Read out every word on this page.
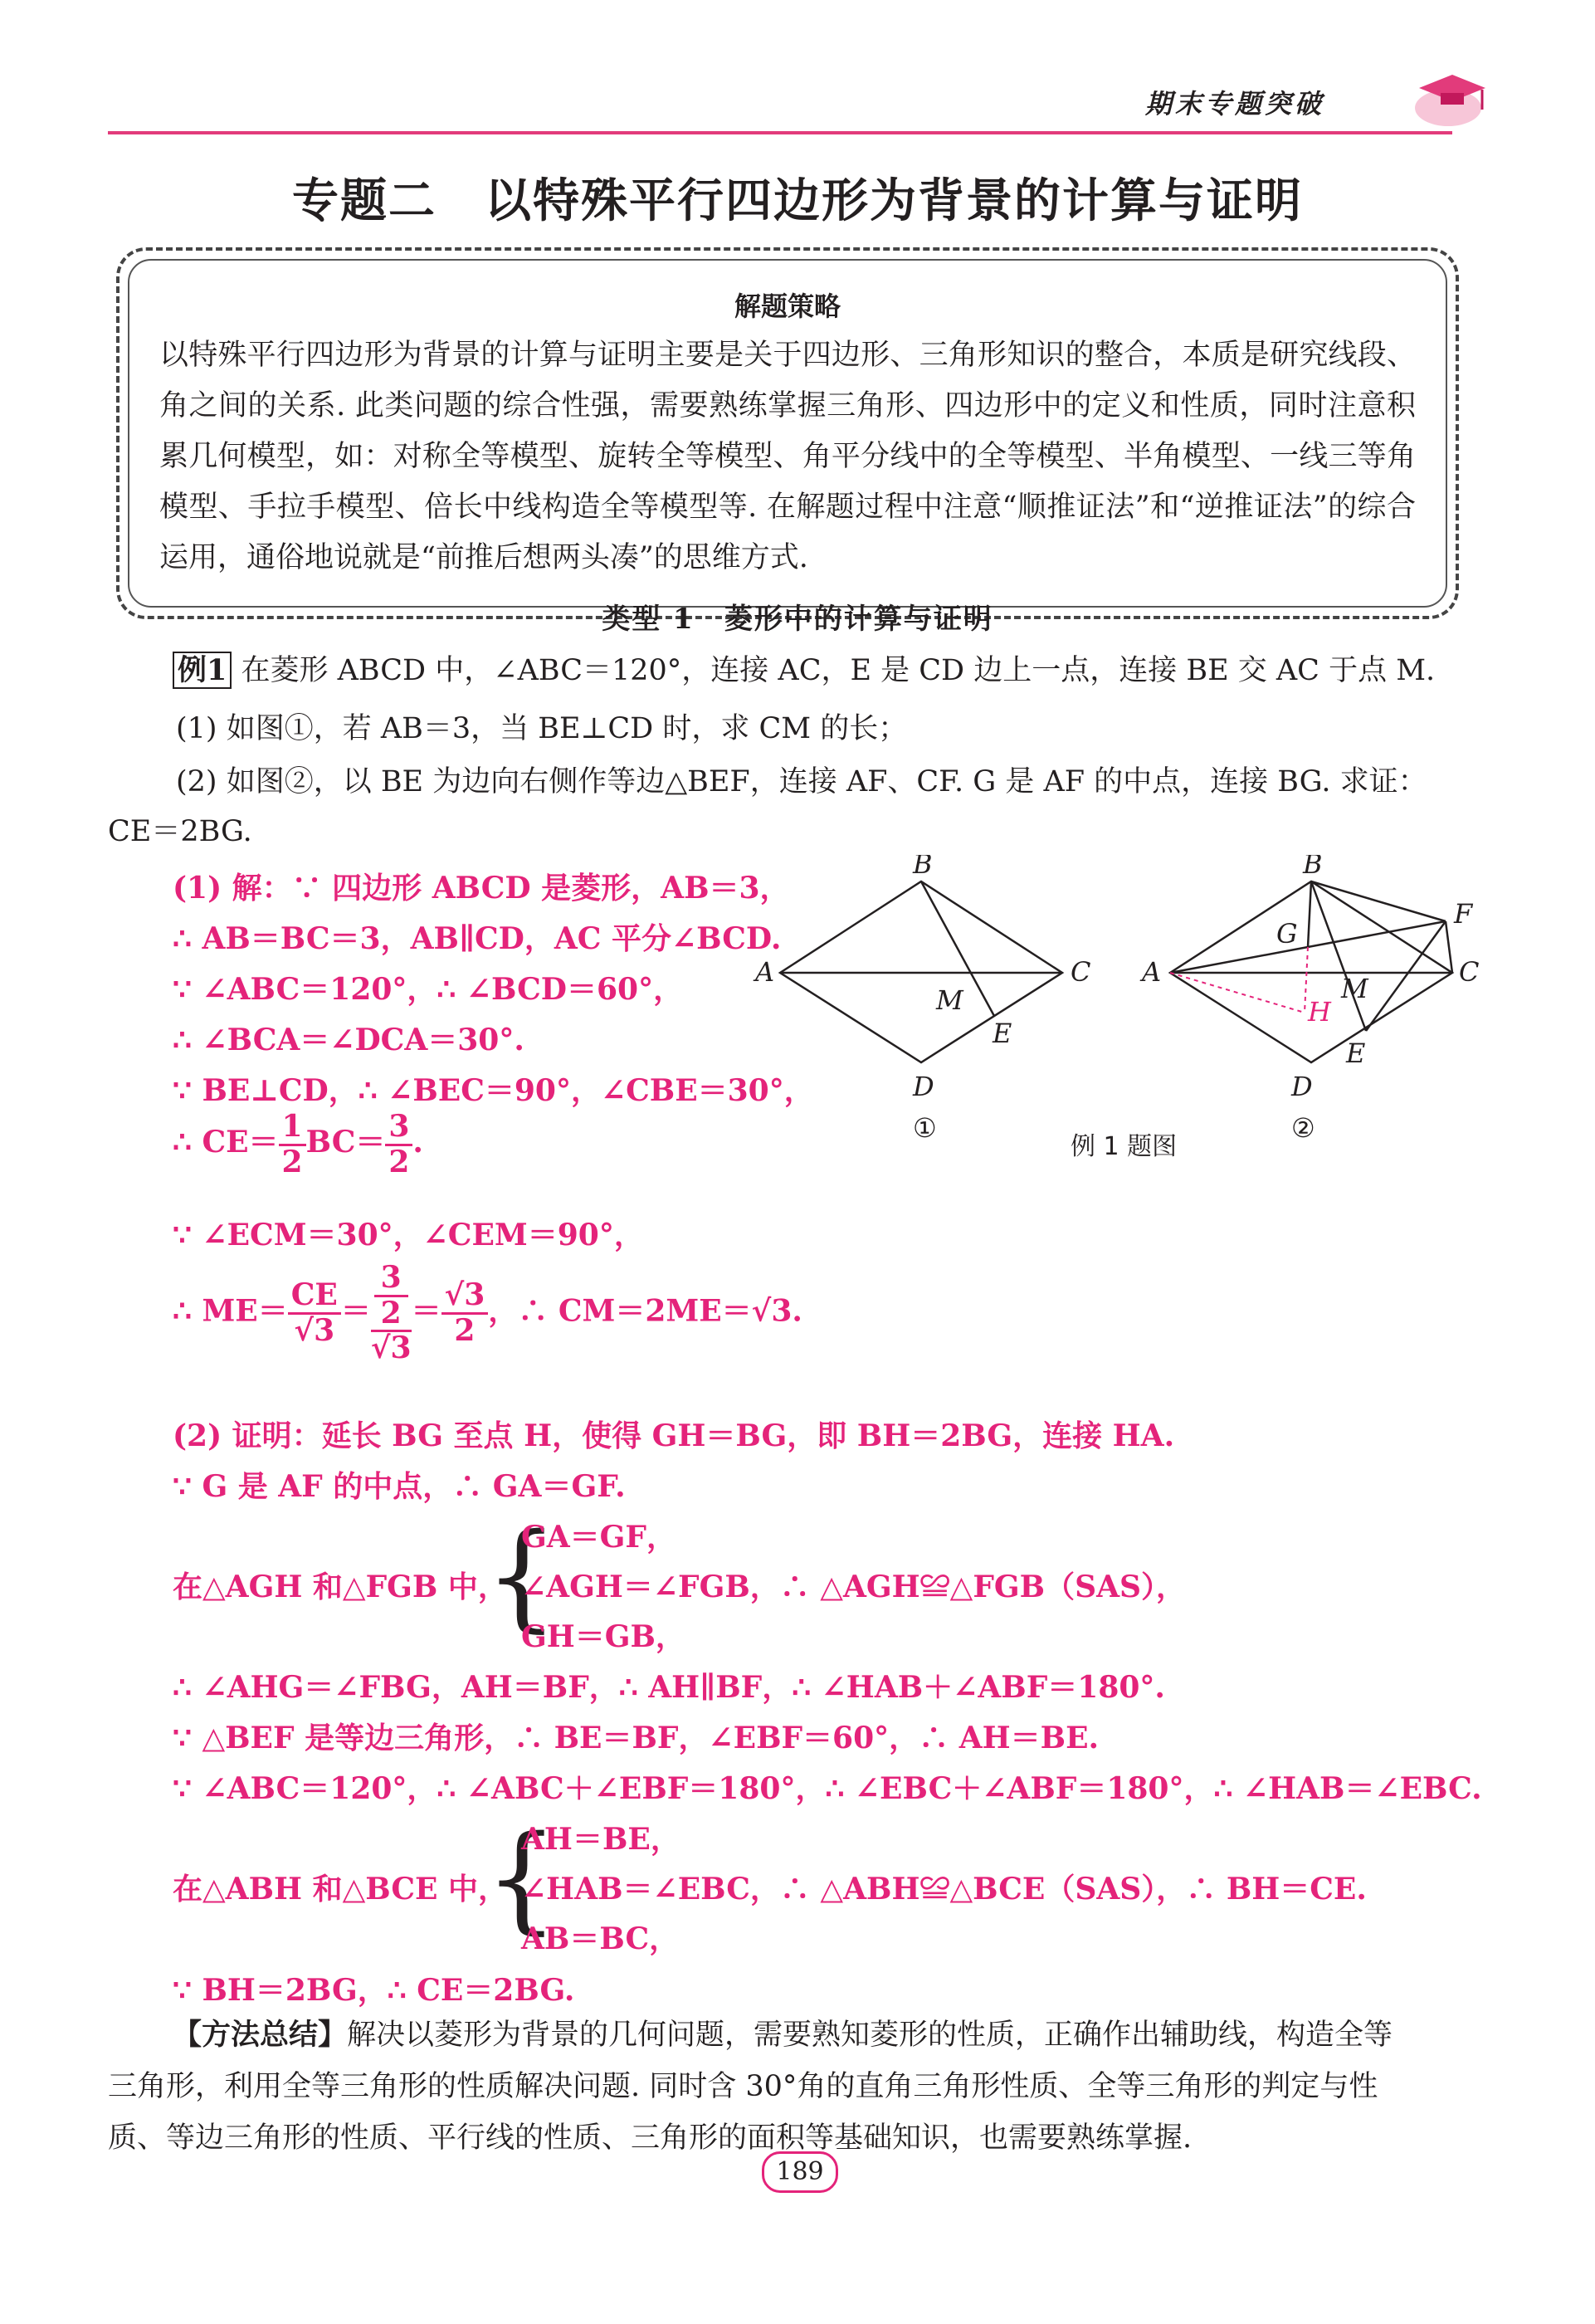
期末专题突破
专题二　以特殊平行四边形为背景的计算与证明
解题策略
以特殊平行四边形为背景的计算与证明主要是关于四边形、三角形知识的整合，本质是研究线段、角之间的关系. 此类问题的综合性强，需要熟练掌握三角形、四边形中的定义和性质，同时注意积累几何模型，如：对称全等模型、旋转全等模型、角平分线中的全等模型、半角模型、一线三等角模型、手拉手模型、倍长中线构造全等模型等. 在解题过程中注意“顺推证法”和“逆推证法”的综合运用，通俗地说就是“前推后想两头凑”的思维方式.
类型 1　菱形中的计算与证明
例1 在菱形 ABCD 中，∠ABC＝120°，连接 AC，E 是 CD 边上一点，连接 BE 交 AC 于点 M.
(1) 如图①，若 AB＝3，当 BE⊥CD 时，求 CM 的长；
(2) 如图②，以 BE 为边向右侧作等边△BEF，连接 AF、CF. G 是 AF 的中点，连接 BG. 求证：
CE＝2BG.
(1) 解：∵ 四边形 ABCD 是菱形，AB＝3，
∴ AB＝BC＝3，AB∥CD，AC 平分∠BCD.
∵ ∠ABC＝120°，∴ ∠BCD＝60°，
∴ ∠BCA＝∠DCA＝30°.
∵ BE⊥CD，∴ ∠BEC＝90°，∠CBE＝30°，
∴ $CE= \frac{1}{2} BC= \frac{3}{2}$ .
∵ ∠ECM＝30°，∠CEM＝90°，
∴ $ME= \frac{CE}{√3} = 3$
2
$√3 = \frac{√3}{2}$ ，∴ CM＝2ME＝√3.
(2) 证明：延长 BG 至点 H，使得 GH＝BG，即 BH＝2BG，连接 HA.
∵ G 是 AF 的中点，∴ GA＝GF.
在△AGH 和△FGB 中，
{
GA＝GF，
∠AGH＝∠FGB，∴ △AGH≌△FGB（SAS），
GH＝GB，
∴ ∠AHG＝∠FBG，AH＝BF，∴ AH∥BF，∴ ∠HAB＋∠ABF＝180°.
∵ △BEF 是等边三角形，∴ BE＝BF，∠EBF＝60°，∴ AH＝BE.
∵ ∠ABC＝120°，∴ ∠ABC＋∠EBF＝180°，∴ ∠EBC＋∠ABF＝180°，∴ ∠HAB＝∠EBC.
在△ABH 和△BCE 中，
{
AH＝BE，
∠HAB＝∠EBC，∴ △ABH≌△BCE（SAS），∴ BH＝CE.
AB＝BC，
∵ BH＝2BG，∴ CE＝2BG.
A
B
C
D
M
E
①
A
B
C
D
M
E
F
G
H
②
例 1 题图
【方法总结】解决以菱形为背景的几何问题，需要熟知菱形的性质，正确作出辅助线，构造全等
三角形，利用全等三角形的性质解决问题. 同时含 30°角的直角三角形性质、全等三角形的判定与性
质、等边三角形的性质、平行线的性质、三角形的面积等基础知识，也需要熟练掌握.
189
